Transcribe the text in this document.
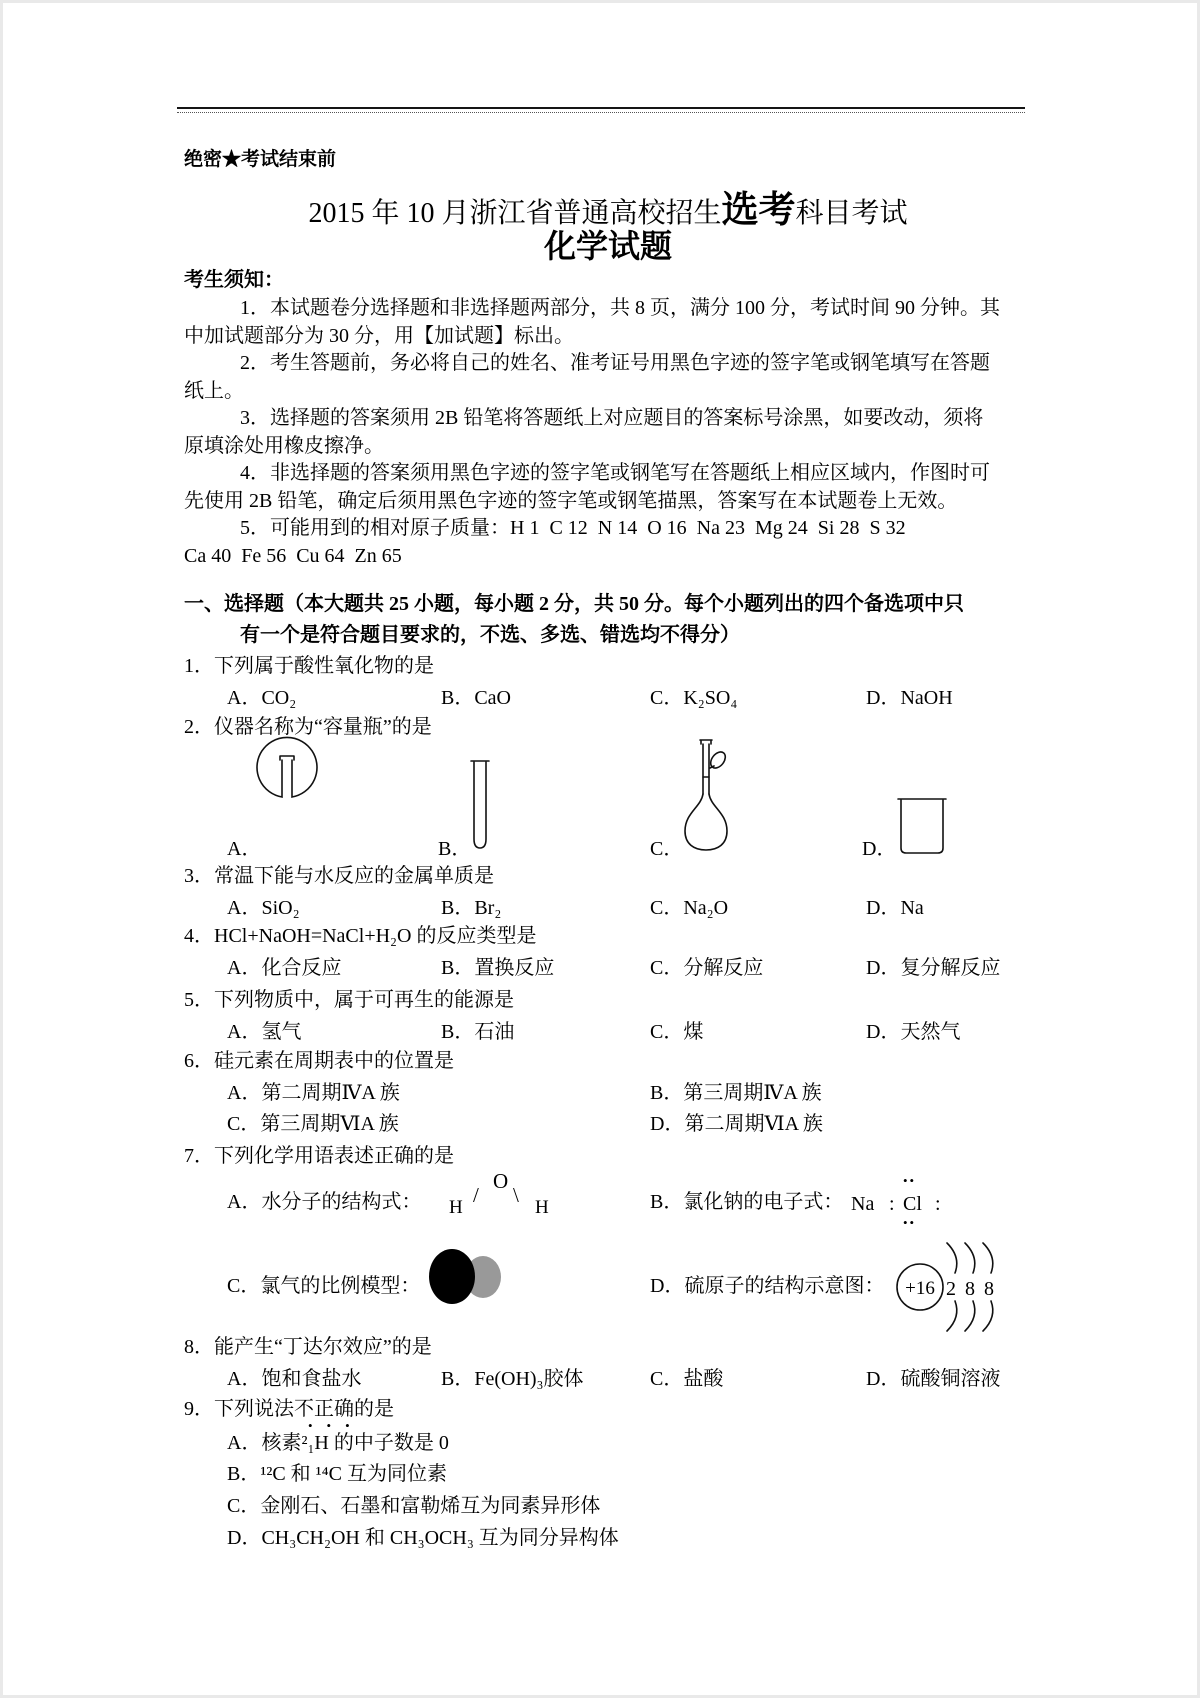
绝密★考试结束前
2015 年 10 月浙江省普通高校招生选考科目考试
化学试题
考生须知：
1．本试题卷分选择题和非选择题两部分，共 8 页，满分 100 分，考试时间 90 分钟。其
中加试题部分为 30 分，用【加试题】标出。
2．考生答题前，务必将自己的姓名、准考证号用黑色字迹的签字笔或钢笔填写在答题
纸上。
3．选择题的答案须用 2B 铅笔将答题纸上对应题目的答案标号涂黑，如要改动，须将
原填涂处用橡皮擦净。
4．非选择题的答案须用黑色字迹的签字笔或钢笔写在答题纸上相应区域内，作图时可
先使用 2B 铅笔，确定后须用黑色字迹的签字笔或钢笔描黑，答案写在本试题卷上无效。
5．可能用到的相对原子质量：H 1  C 12  N 14  O 16  Na 23  Mg 24  Si 28  S 32
Ca 40  Fe 56  Cu 64  Zn 65
一、选择题（本大题共 25 小题，每小题 2 分，共 50 分。每个小题列出的四个备选项中只
有一个是符合题目要求的，不选、多选、错选均不得分）
1．下列属于酸性氧化物的是
A．CO₂	B．CaO	C．K₂SO₄	D．NaOH
2．仪器名称为“容量瓶”的是
A．	B．	C．	D．
3．常温下能与水反应的金属单质是
A．SiO₂	B．Br₂	C．Na₂O	D．Na
4．HCl+NaOH=NaCl+H₂O 的反应类型是
A．化合反应	B．置换反应	C．分解反应	D．复分解反应
5．下列物质中，属于可再生的能源是
A．氢气	B．石油	C．煤	D．天然气
6．硅元素在周期表中的位置是
A．第二周期ⅣA 族	B．第三周期ⅣA 族
C．第三周期ⅥA 族	D．第二周期ⅥA 族
7．下列化学用语表述正确的是
A．水分子的结构式： H
/
O
\
H	B．氯化钠的电子式： Na : Cl
••
••
:
C．氯气的比例模型：	D．硫原子的结构示意图： +16 2 8 8
8．能产生“丁达尔效应”的是
A．饱和食盐水	B．Fe(OH)₃胶体	C．盐酸	D．硫酸铜溶液
9．下列说法不正确的是
•••
A．核素²₁H 的中子数是 0
B．¹²C 和 ¹⁴C 互为同位素
C．金刚石、石墨和富勒烯互为同素异形体
D．CH₃CH₂OH 和 CH₃OCH₃ 互为同分异构体
